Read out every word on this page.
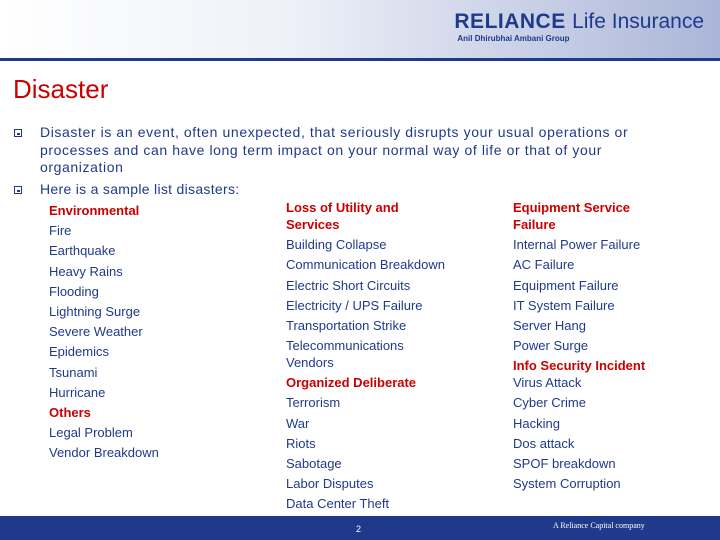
RELIANCE Life Insurance
Anil Dhirubhai Ambani Group
Disaster
Disaster is an event, often unexpected, that seriously disrupts your usual operations or processes and can have long term impact on your normal way of life or that of your organization
Here is a sample list disasters:
Environmental
Fire
Earthquake
Heavy Rains
Flooding
Lightning Surge
Severe Weather
Epidemics
Tsunami
Hurricane
Others
Legal Problem
Vendor Breakdown
Loss of Utility and Services
Building Collapse
Communication Breakdown
Electric Short Circuits
Electricity / UPS Failure
Transportation Strike
Telecommunications Vendors
Organized Deliberate
Terrorism
War
Riots
Sabotage
Labor Disputes
Data Center Theft
Equipment Service Failure
Internal Power Failure
AC Failure
Equipment Failure
IT System Failure
Server Hang
Power Surge
Info Security Incident
Virus Attack
Cyber Crime
Hacking
Dos attack
SPOF breakdown
System Corruption
2	A Reliance Capital company
